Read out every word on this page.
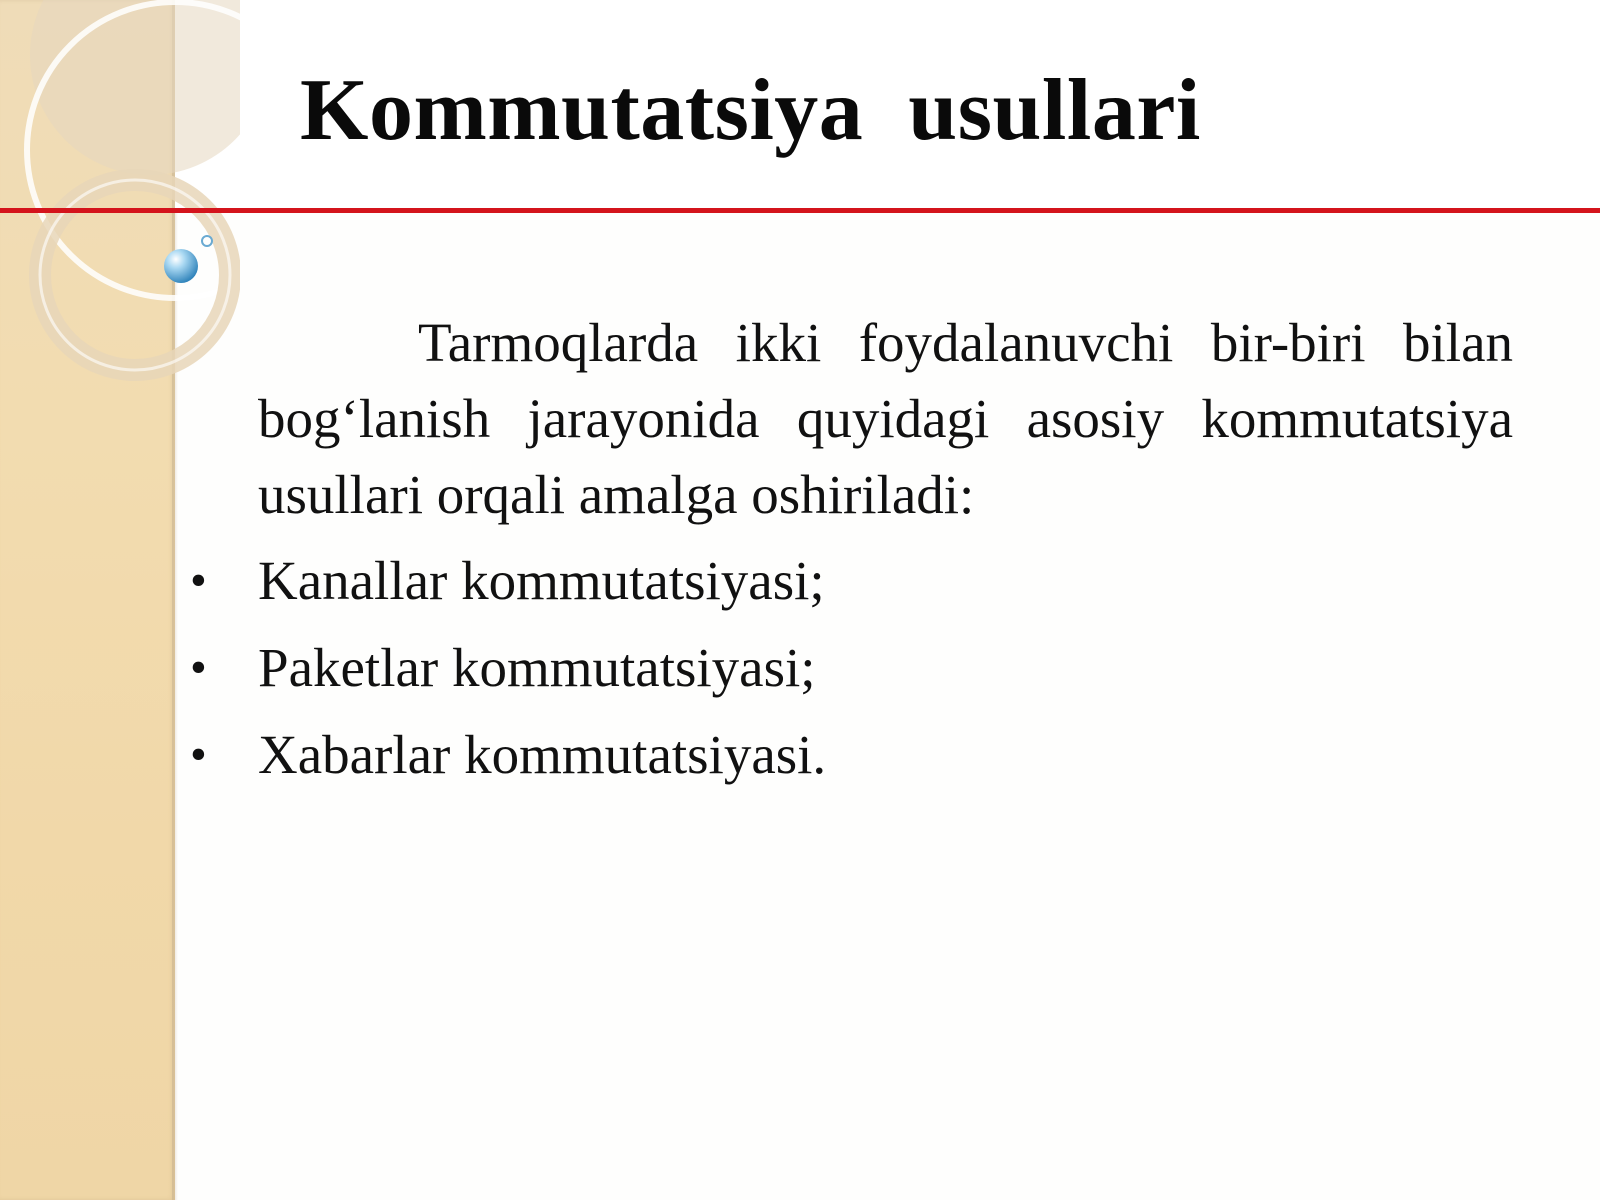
Kommutatsiya  usullari

Tarmoqlarda ikki foydalanuvchi bir-biri bilan bog‘lanish jarayonida quyidagi asosiy kommutatsiya usullari orqali amalga oshiriladi:

• Kanallar kommutatsiyasi;
• Paketlar kommutatsiyasi;
• Xabarlar kommutatsiyasi.
